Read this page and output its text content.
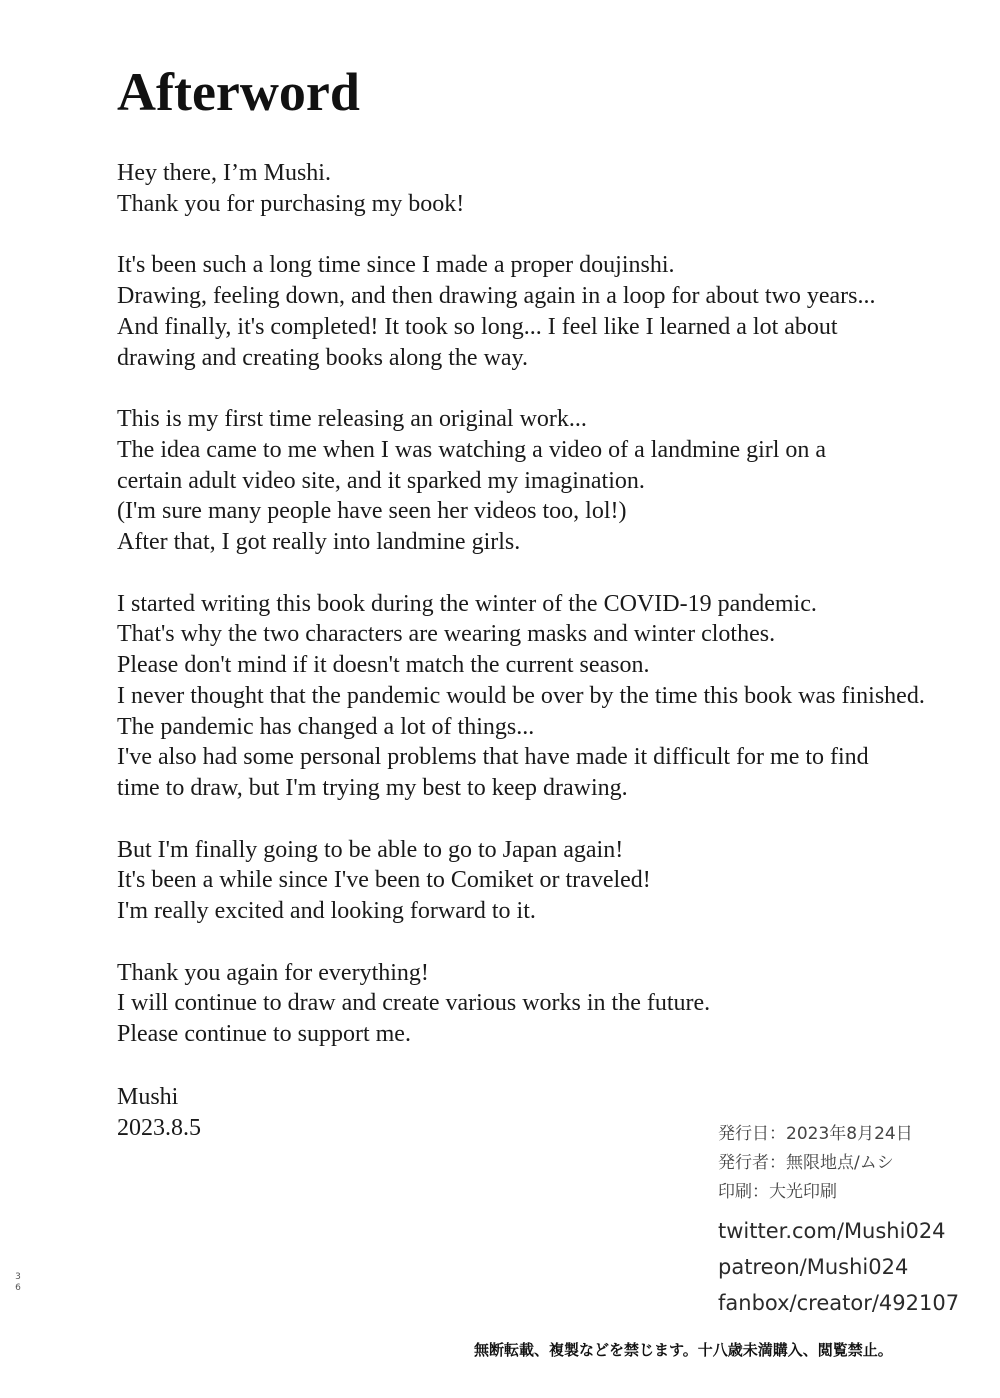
Afterword

Hey there, I’m Mushi.
Thank you for purchasing my book!

It's been such a long time since I made a proper doujinshi.
Drawing, feeling down, and then drawing again in a loop for about two years...
And finally, it's completed! It took so long... I feel like I learned a lot about
drawing and creating books along the way.

This is my first time releasing an original work...
The idea came to me when I was watching a video of a landmine girl on a
certain adult video site, and it sparked my imagination.
(I'm sure many people have seen her videos too, lol!)
After that, I got really into landmine girls.

I started writing this book during the winter of the COVID-19 pandemic.
That's why the two characters are wearing masks and winter clothes.
Please don't mind if it doesn't match the current season.
I never thought that the pandemic would be over by the time this book was finished.
The pandemic has changed a lot of things...
I've also had some personal problems that have made it difficult for me to find
time to draw, but I'm trying my best to keep drawing.

But I'm finally going to be able to go to Japan again!
It's been a while since I've been to Comiket or traveled!
I'm really excited and looking forward to it.

Thank you again for everything!
I will continue to draw and create various works in the future.
Please continue to support me.

Mushi
2023.8.5	発行日：2023年8月24日
発行者：無限地点/ムシ
印刷：大光印刷
twitter.com/Mushi024
patreon/Mushi024
fanbox/creator/492107
36
無断転載、複製などを禁じます。十八歳未満購入、閲覧禁止。
